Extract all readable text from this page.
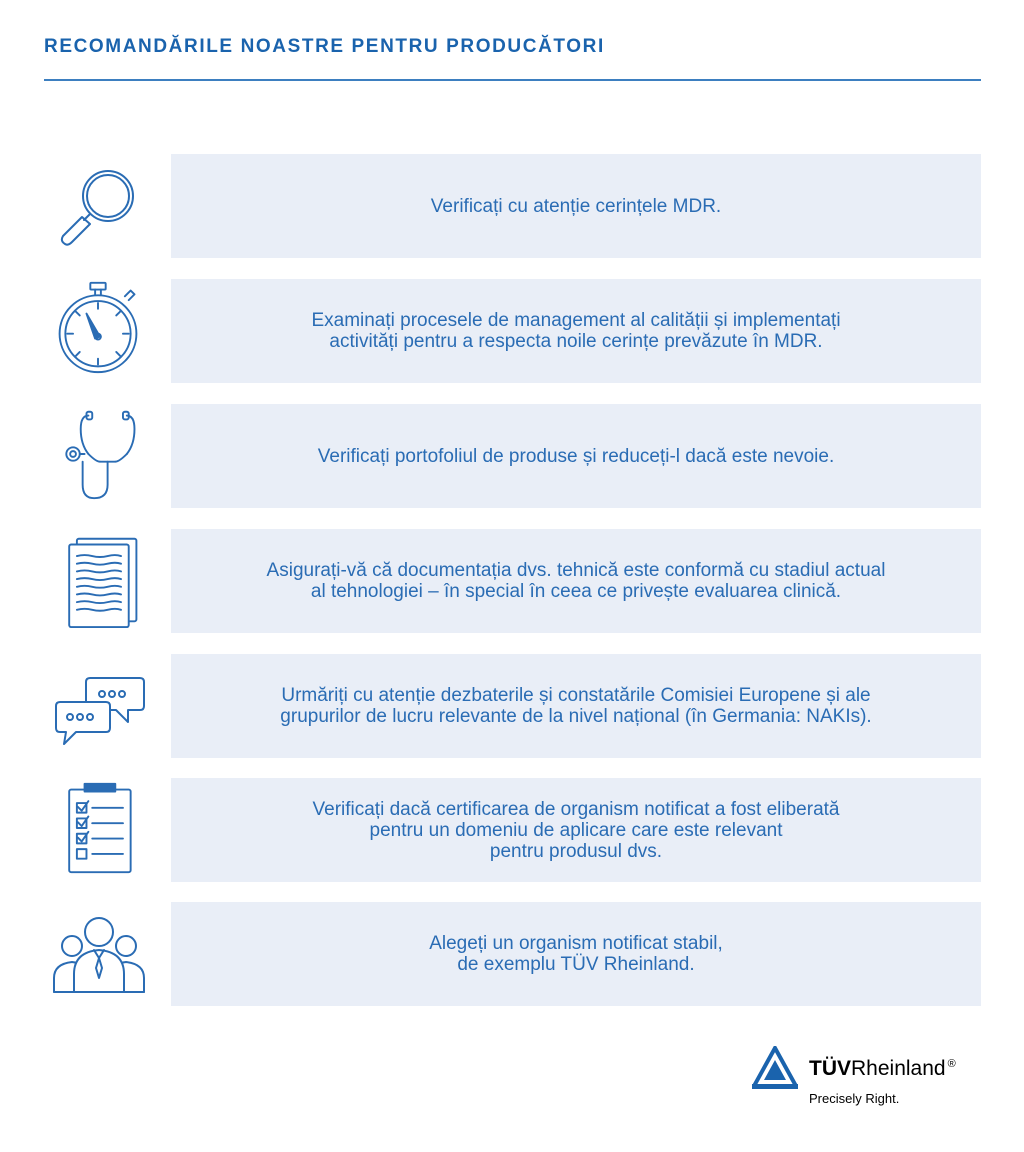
RECOMANDĂRILE NOASTRE PENTRU PRODUCĂTORI

Verificați cu atenție cerințele MDR.

Examinați procesele de management al calității și implementați
activități pentru a respecta noile cerințe prevăzute în MDR.

Verificați portofoliul de produse și reduceți-l dacă este nevoie.

Asigurați-vă că documentația dvs. tehnică este conformă cu stadiul actual
al tehnologiei – în special în ceea ce privește evaluarea clinică.

Urmăriți cu atenție dezbaterile și constatările Comisiei Europene și ale
grupurilor de lucru relevante de la nivel național (în Germania: NAKIs).

Verificați dacă certificarea de organism notificat a fost eliberată
pentru un domeniu de aplicare care este relevant
pentru produsul dvs.

Alegeți un organism notificat stabil,
de exemplu TÜV Rheinland.

TÜVRheinland ®
Precisely Right.
